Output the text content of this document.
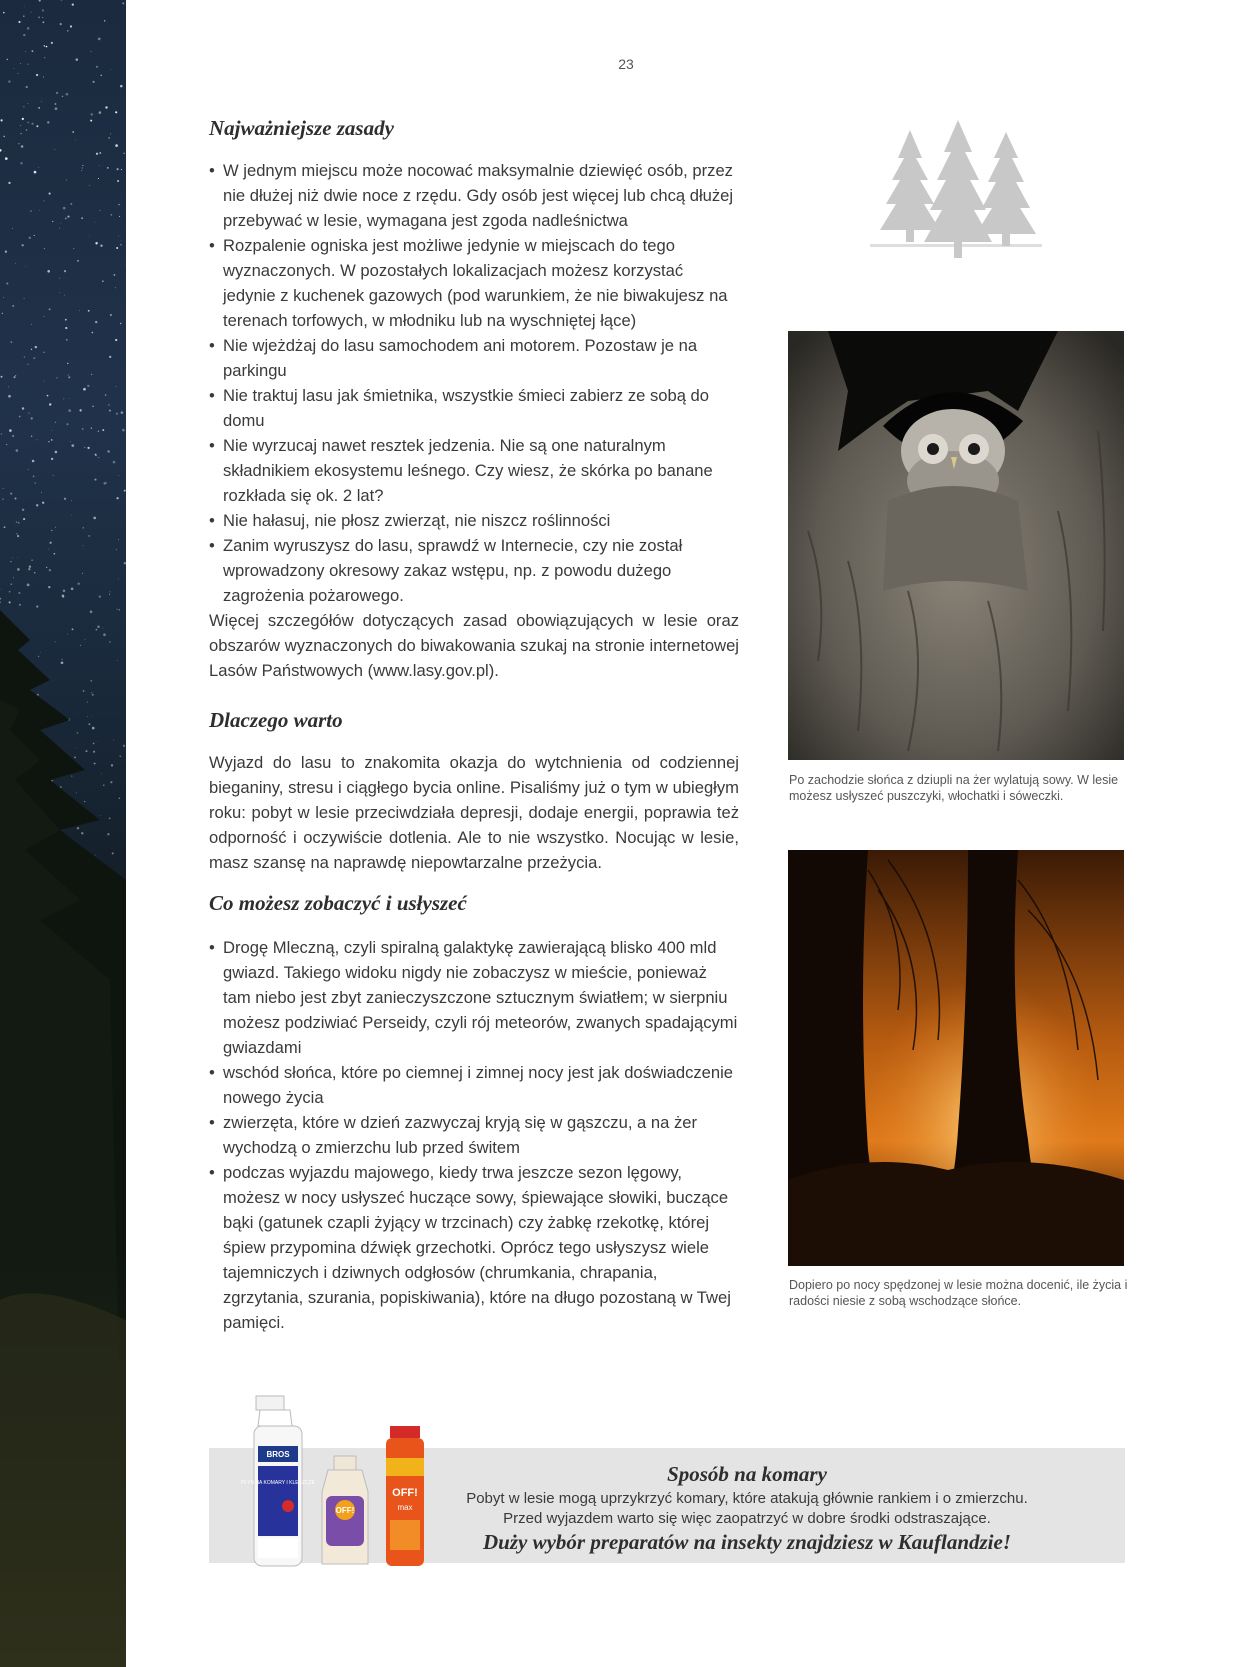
23
Najważniejsze zasady
• W jednym miejscu może nocować maksymalnie dziewięć osób, przez nie dłużej niż dwie noce z rzędu. Gdy osób jest więcej lub chcą dłużej przebywać w lesie, wymagana jest zgoda nadleśnictwa
• Rozpalenie ogniska jest możliwe jedynie w miejscach do tego wyznaczonych. W pozostałych lokalizacjach możesz korzystać jedynie z kuchenek gazowych (pod warunkiem, że nie biwakujesz na terenach torfowych, w młodniku lub na wyschniętej łące)
• Nie wjeżdżaj do lasu samochodem ani motorem. Pozostaw je na parkingu
• Nie traktuj lasu jak śmietnika, wszystkie śmieci zabierz ze sobą do domu
• Nie wyrzucaj nawet resztek jedzenia. Nie są one naturalnym składnikiem ekosystemu leśnego. Czy wiesz, że skórka po banane rozkłada się ok. 2 lat?
• Nie hałasuj, nie płosz zwierząt, nie niszcz roślinności
• Zanim wyruszysz do lasu, sprawdź w Internecie, czy nie został wprowadzony okresowy zakaz wstępu, np. z powodu dużego zagrożenia pożarowego.

Więcej szczegółów dotyczących zasad obowiązujących w lesie oraz obszarów wyznaczonych do biwakowania szukaj na stronie internetowej Lasów Państwowych (www.lasy.gov.pl).

Dlaczego warto

Wyjazd do lasu to znakomita okazja do wytchnienia od codziennej bieganiny, stresu i ciągłego bycia online. Pisaliśmy już o tym w ubiegłym roku: pobyt w lesie przeciwdziała depresji, dodaje energii, poprawia też odporność i oczywiście dotlenia. Ale to nie wszystko. Nocując w lesie, masz szansę na naprawdę niepowtarzalne przeżycia.

Co możesz zobaczyć i usłyszeć
• Drogę Mleczną, czyli spiralną galaktykę zawierającą blisko 400 mld gwiazd. Takiego widoku nigdy nie zobaczysz w mieście, ponieważ tam niebo jest zbyt zanieczyszczone sztucznym światłem; w sierpniu możesz podziwiać Perseidy, czyli rój meteorów, zwanych spadającymi gwiazdami
• wschód słońca, które po ciemnej i zimnej nocy jest jak doświadczenie nowego życia
• zwierzęta, które w dzień zazwyczaj kryją się w gąszczu, a na żer wychodzą o zmierzchu lub przed świtem
• podczas wyjazdu majowego, kiedy trwa jeszcze sezon lęgowy, możesz w nocy usłyszeć huczące sowy, śpiewające słowiki, buczące bąki (gatunek czapli żyjący w trzcinach) czy żabkę rzekotkę, której śpiew przypomina dźwięk grzechotki. Oprócz tego usłyszysz wiele tajemniczych i dziwnych odgłosów (chrumkania, chrapania, zgrzytania, szurania, popiskiwania), które na długo pozostaną w Twej pamięci.
Po zachodzie słońca z dziupli na żer wylatują sowy. W lesie możesz usłyszeć puszczyki, włochatki i sóweczki.
Dopiero po nocy spędzonej w lesie można docenić, ile życia i radości niesie z sobą wschodzące słońce.
Sposób na komary
Pobyt w lesie mogą uprzykrzyć komary, które atakują głównie rankiem i o zmierzchu.
Przed wyjazdem warto się więc zaopatrzyć w dobre środki odstraszające.
Duży wybór preparatów na insekty znajdziesz w Kauflandzie!
BROS
PŁYN NA KOMARY I KLESZCZE
OFF!
OFF!
max
